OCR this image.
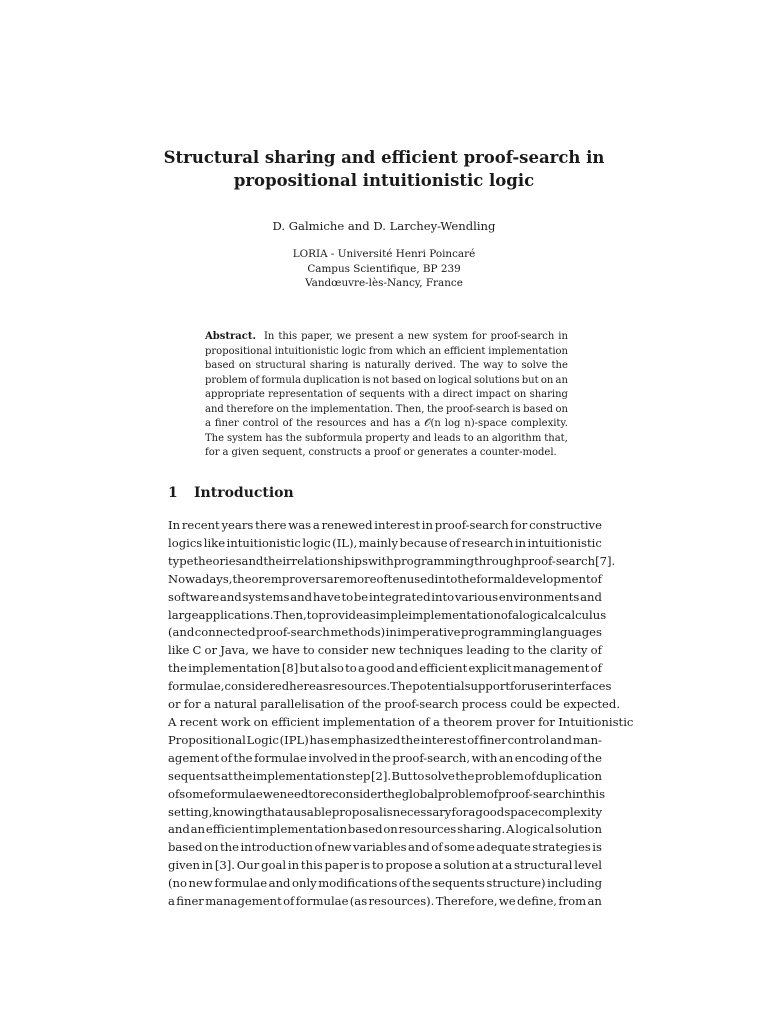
Structural sharing and efficient proof-search in
propositional intuitionistic logic
D. Galmiche and D. Larchey-Wendling
LORIA - Université Henri Poincaré
Campus Scientifique, BP 239
Vandœuvre-lès-Nancy, France
Abstract. In this paper, we present a new system for proof-search in
propositional intuitionistic logic from which an efficient implementation
based on structural sharing is naturally derived. The way to solve the
problem of formula duplication is not based on logical solutions but on an
appropriate representation of sequents with a direct impact on sharing
and therefore on the implementation. Then, the proof-search is based on
a finer control of the resources and has a 𝒪(n log n)-space complexity.
The system has the subformula property and leads to an algorithm that,
for a given sequent, constructs a proof or generates a counter-model.
1 Introduction
In recent years there was a renewed interest in proof-search for constructive
logics like intuitionistic logic (IL), mainly because of research in intuitionistic
type theories and their relationships with programming through proof-search [7].
Nowadays, theorem provers are more often used into the formal development of
software and systems and have to be integrated into various environments and
large applications. Then, to provide a simple implementation of a logical calculus
(and connected proof-search methods) in imperative programming languages
like C or Java, we have to consider new techniques leading to the clarity of
the implementation [8] but also to a good and efficient explicit management of
formulae, considered here as resources. The potential support for user interfaces
or for a natural parallelisation of the proof-search process could be expected.
A recent work on efficient implementation of a theorem prover for Intuitionistic
Propositional Logic (IPL) has emphasized the interest of finer control and man-
agement of the formulae involved in the proof-search, with an encoding of the
sequents at the implementation step [2]. But to solve the problem of duplication
of some formulae we need to reconsider the global problem of proof-search in this
setting, knowing that a usable proposal is necessary for a good space complexity
and an efficient implementation based on resources sharing. A logical solution
based on the introduction of new variables and of some adequate strategies is
given in [3]. Our goal in this paper is to propose a solution at a structural level
(no new formulae and only modifications of the sequents structure) including
a finer management of formulae (as resources). Therefore, we define, from an
